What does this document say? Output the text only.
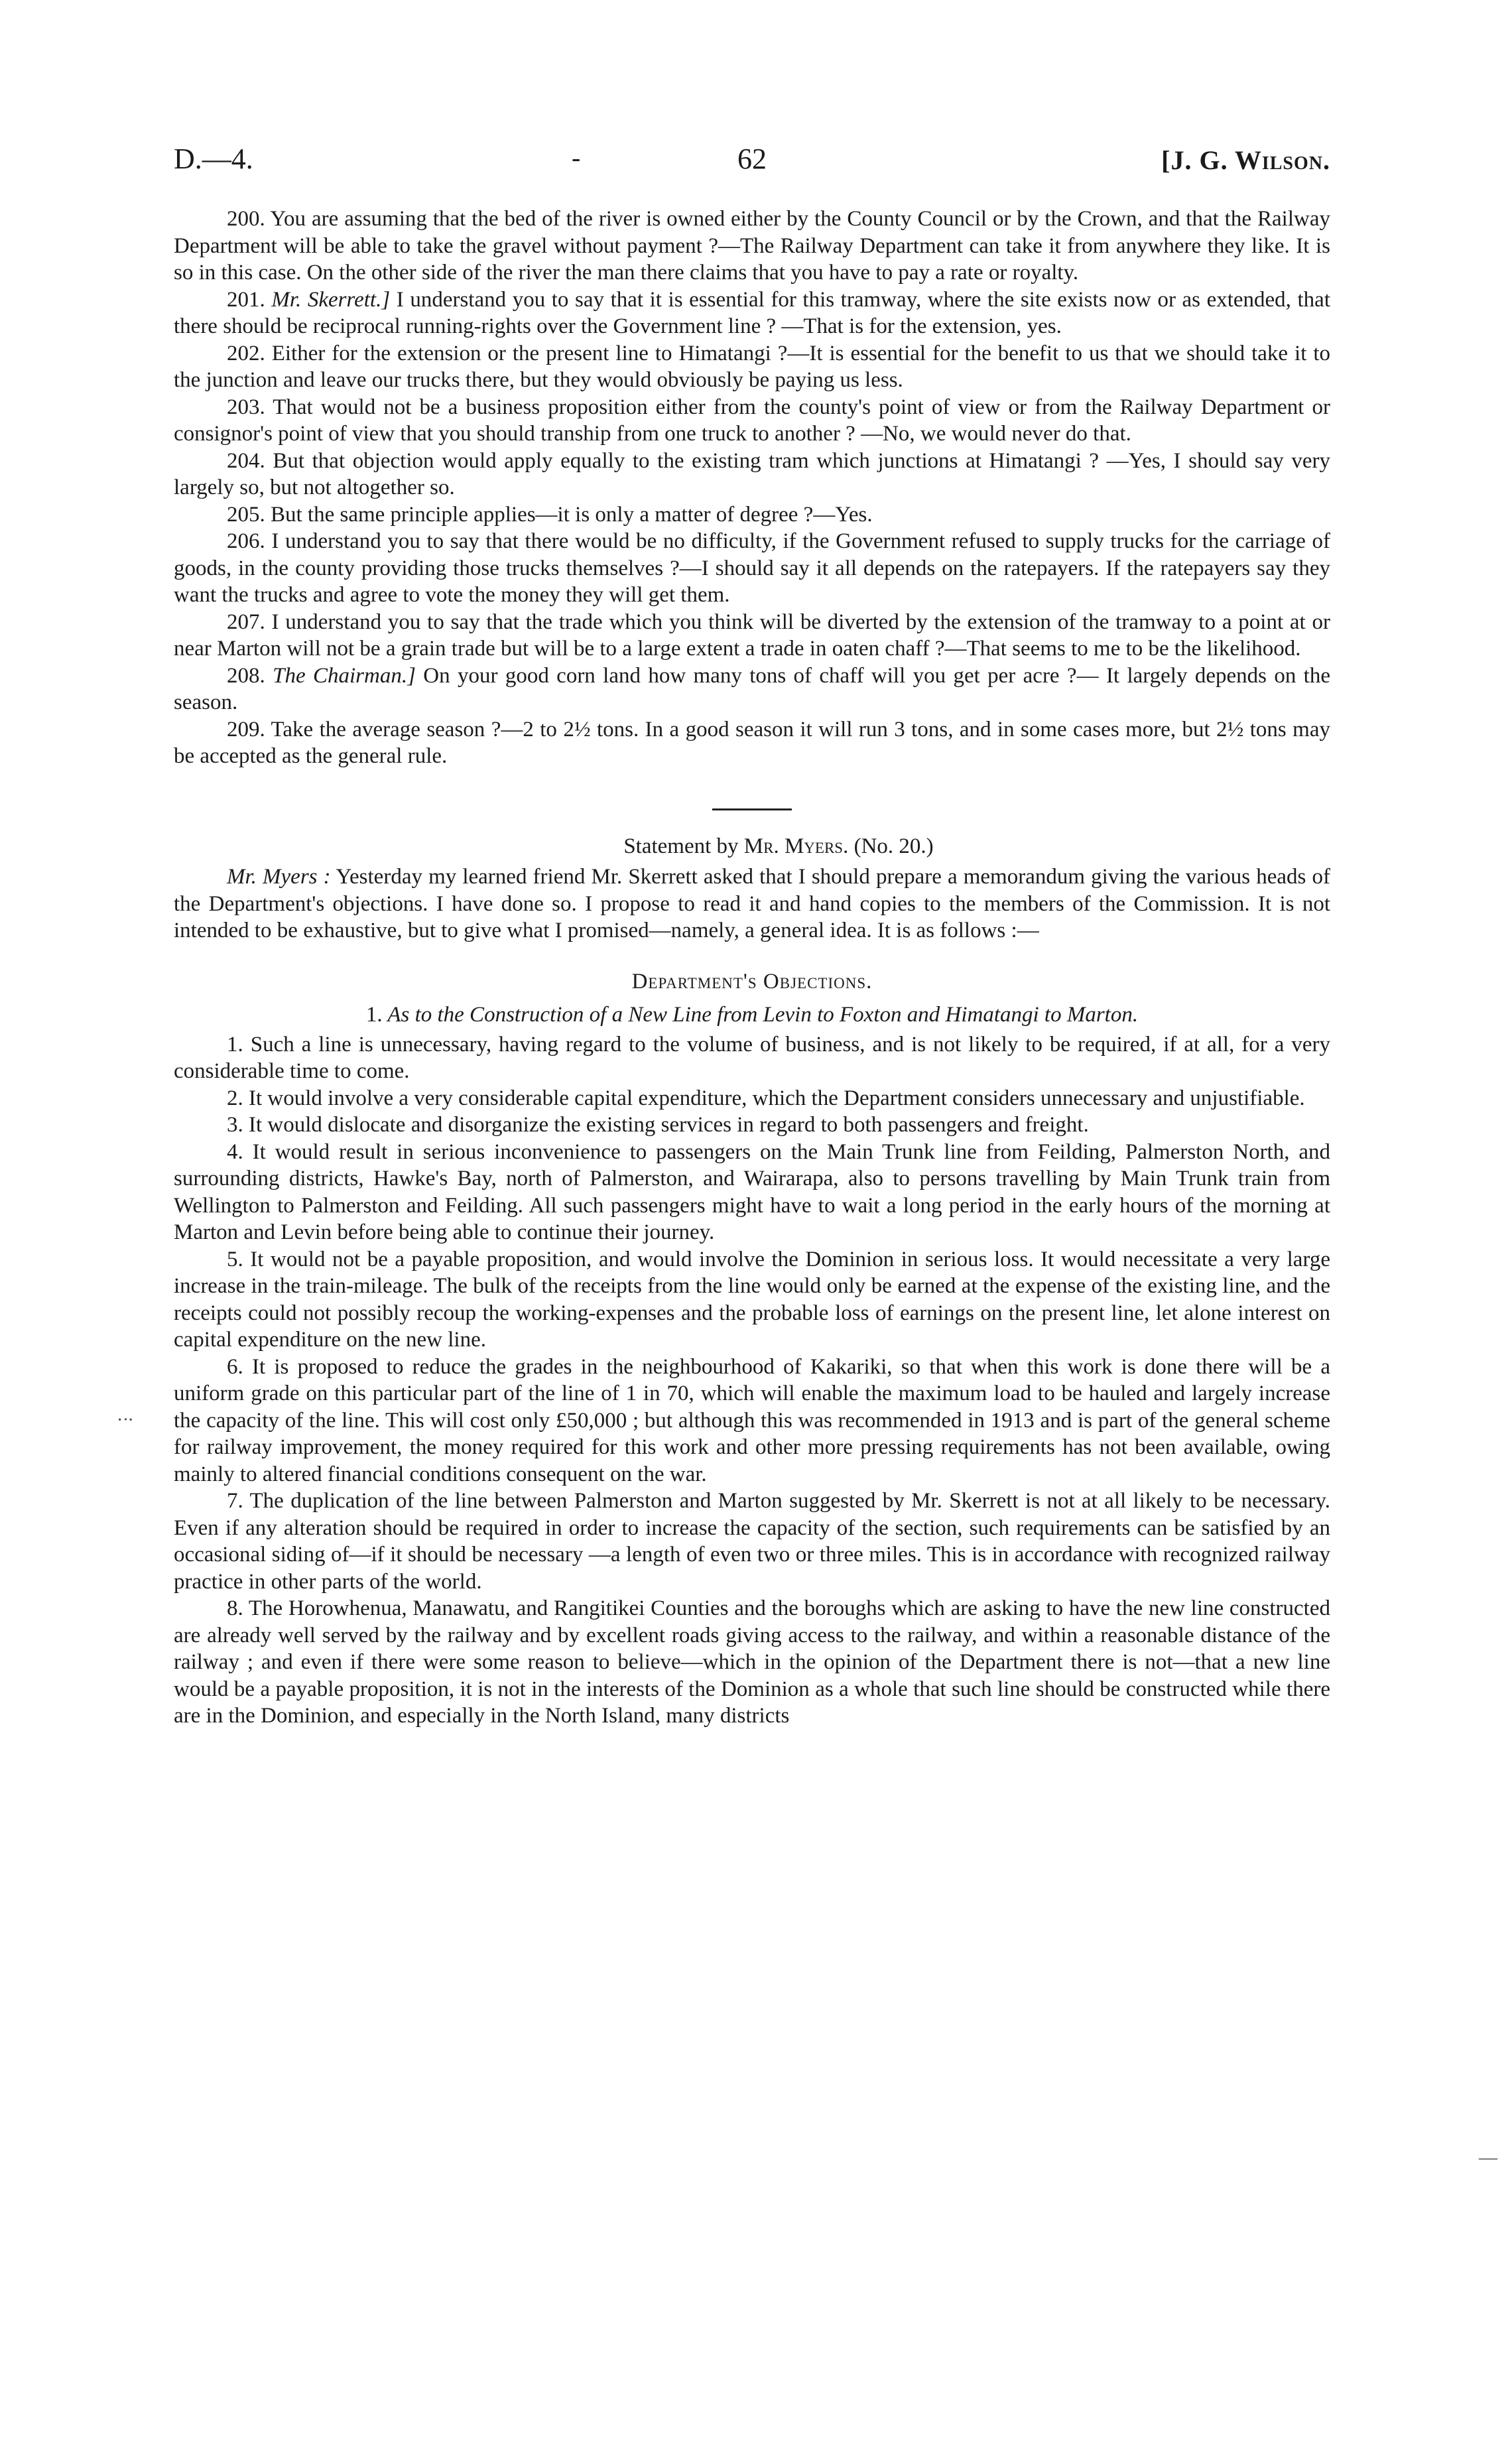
D.—4.	-	62	[J. G. Wilson.

200. You are assuming that the bed of the river is owned either by the County Council or by the Crown, and that the Railway Department will be able to take the gravel without payment ?—The Railway Department can take it from anywhere they like. It is so in this case. On the other side of the river the man there claims that you have to pay a rate or royalty.

201. Mr. Skerrett.] I understand you to say that it is essential for this tramway, where the site exists now or as extended, that there should be reciprocal running-rights over the Government line ? —That is for the extension, yes.

202. Either for the extension or the present line to Himatangi ?—It is essential for the benefit to us that we should take it to the junction and leave our trucks there, but they would obviously be paying us less.

203. That would not be a business proposition either from the county's point of view or from the Railway Department or consignor's point of view that you should tranship from one truck to another ? —No, we would never do that.

204. But that objection would apply equally to the existing tram which junctions at Himatangi ? —Yes, I should say very largely so, but not altogether so.

205. But the same principle applies—it is only a matter of degree ?—Yes.

206. I understand you to say that there would be no difficulty, if the Government refused to supply trucks for the carriage of goods, in the county providing those trucks themselves ?—I should say it all depends on the ratepayers. If the ratepayers say they want the trucks and agree to vote the money they will get them.

207. I understand you to say that the trade which you think will be diverted by the extension of the tramway to a point at or near Marton will not be a grain trade but will be to a large extent a trade in oaten chaff ?—That seems to me to be the likelihood.

208. The Chairman.] On your good corn land how many tons of chaff will you get per acre ?— It largely depends on the season.

209. Take the average season ?—2 to 2½ tons. In a good season it will run 3 tons, and in some cases more, but 2½ tons may be accepted as the general rule.

Statement by Mr. Myers. (No. 20.)

Mr. Myers : Yesterday my learned friend Mr. Skerrett asked that I should prepare a memorandum giving the various heads of the Department's objections. I have done so. I propose to read it and hand copies to the members of the Commission. It is not intended to be exhaustive, but to give what I promised—namely, a general idea. It is as follows :—

Department's Objections.
1. As to the Construction of a New Line from Levin to Foxton and Himatangi to Marton.

1. Such a line is unnecessary, having regard to the volume of business, and is not likely to be required, if at all, for a very considerable time to come.

2. It would involve a very considerable capital expenditure, which the Department considers unnecessary and unjustifiable.

3. It would dislocate and disorganize the existing services in regard to both passengers and freight.

4. It would result in serious inconvenience to passengers on the Main Trunk line from Feilding, Palmerston North, and surrounding districts, Hawke's Bay, north of Palmerston, and Wairarapa, also to persons travelling by Main Trunk train from Wellington to Palmerston and Feilding. All such passengers might have to wait a long period in the early hours of the morning at Marton and Levin before being able to continue their journey.

5. It would not be a payable proposition, and would involve the Dominion in serious loss. It would necessitate a very large increase in the train-mileage. The bulk of the receipts from the line would only be earned at the expense of the existing line, and the receipts could not possibly recoup the working-expenses and the probable loss of earnings on the present line, let alone interest on capital expenditure on the new line.

6. It is proposed to reduce the grades in the neighbourhood of Kakariki, so that when this work is done there will be a uniform grade on this particular part of the line of 1 in 70, which will enable the maximum load to be hauled and largely increase the capacity of the line. This will cost only £50,000 ; but although this was recommended in 1913 and is part of the general scheme for railway improvement, the money required for this work and other more pressing requirements has not been available, owing mainly to altered financial conditions consequent on the war.

7. The duplication of the line between Palmerston and Marton suggested by Mr. Skerrett is not at all likely to be necessary. Even if any alteration should be required in order to increase the capacity of the section, such requirements can be satisfied by an occasional siding of—if it should be necessary —a length of even two or three miles. This is in accordance with recognized railway practice in other parts of the world.

8. The Horowhenua, Manawatu, and Rangitikei Counties and the boroughs which are asking to have the new line constructed are already well served by the railway and by excellent roads giving access to the railway, and within a reasonable distance of the railway ; and even if there were some reason to believe—which in the opinion of the Department there is not—that a new line would be a payable proposition, it is not in the interests of the Dominion as a whole that such line should be constructed while there are in the Dominion, and especially in the North Island, many districts

·ᐧ·
—
